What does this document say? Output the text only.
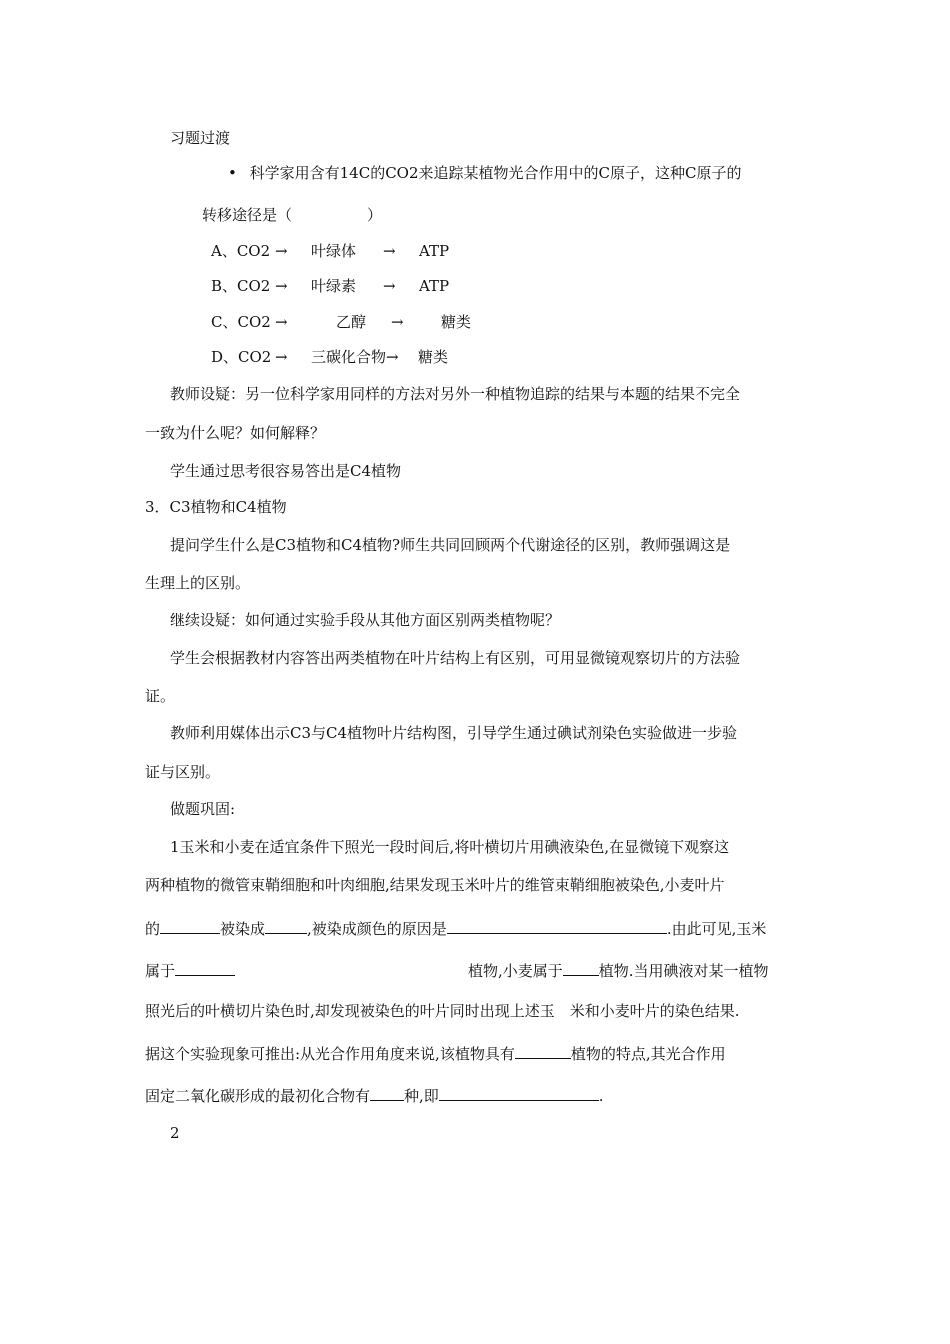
习题过渡
• 科学家用含有14C的CO2来追踪某植物光合作用中的C原子，这种C原子的
转移途径是（　　　　　）
A、CO2 → 叶绿体 → ATP
B、CO2 → 叶绿素 → ATP
C、CO2 →	乙醇 → 糖类
D、CO2 → 三碳化合物→ 糖类
教师设疑：另一位科学家用同样的方法对另外一种植物追踪的结果与本题的结果不完全
一致为什么呢？如何解释？
学生通过思考很容易答出是C4植物
3．C3植物和C4植物
提问学生什么是C3植物和C4植物?师生共同回顾两个代谢途径的区别，教师强调这是
生理上的区别。
继续设疑：如何通过实验手段从其他方面区别两类植物呢？
学生会根据教材内容答出两类植物在叶片结构上有区别，可用显微镜观察切片的方法验
证。
教师利用媒体出示C3与C4植物叶片结构图，引导学生通过碘试剂染色实验做进一步验
证与区别。
做题巩固:
1玉米和小麦在适宜条件下照光一段时间后,将叶横切片用碘液染色,在显微镜下观察这
两种植物的微管束鞘细胞和叶肉细胞,结果发现玉米叶片的维管束鞘细胞被染色,小麦叶片
的	被染成	,被染成颜色的原因是	.由此可见,玉米
属于	植物,小麦属于 植物.当用碘液对某一植物
照光后的叶横切片染色时,却发现被染色的叶片同时出现上述玉　米和小麦叶片的染色结果.
据这个实验现象可推出:从光合作用角度来说,该植物具有	植物的特点,其光合作用
固定二氧化碳形成的最初化合物有 种,即	.
2
